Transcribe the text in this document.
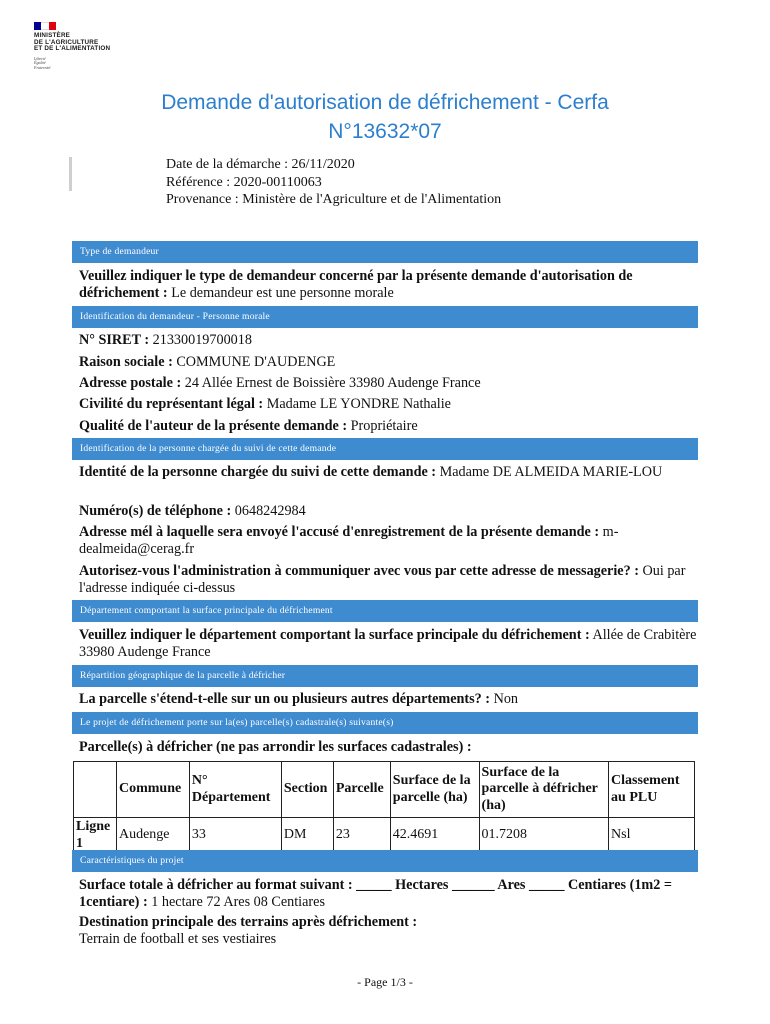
MINISTÈRE
DE L'AGRICULTURE
ET DE L'ALIMENTATION
Liberté
Égalité
Fraternité
Demande d'autorisation de défrichement - Cerfa
N°13632*07
Date de la démarche : 26/11/2020
Référence : 2020-00110063
Provenance : Ministère de l'Agriculture et de l'Alimentation
Type de demandeur
Veuillez indiquer le type de demandeur concerné par la présente demande d'autorisation de défrichement : Le demandeur est une personne morale
Identification du demandeur - Personne morale
N° SIRET : 21330019700018
Raison sociale : COMMUNE D'AUDENGE
Adresse postale : 24 Allée Ernest de Boissière 33980 Audenge France
Civilité du représentant légal : Madame LE YONDRE Nathalie
Qualité de l'auteur de la présente demande : Propriétaire
Identification de la personne chargée du suivi de cette demande
Identité de la personne chargée du suivi de cette demande : Madame DE ALMEIDA MARIE-LOU
Numéro(s) de téléphone : 0648242984
Adresse mél à laquelle sera envoyé l'accusé d'enregistrement de la présente demande : m-dealmeida@cerag.fr
Autorisez-vous l'administration à communiquer avec vous par cette adresse de messagerie? : Oui par l'adresse indiquée ci-dessus
Département comportant la surface principale du défrichement
Veuillez indiquer le département comportant la surface principale du défrichement : Allée de Crabitère 33980 Audenge France
Répartition géographique de la parcelle à défricher
La parcelle s'étend-t-elle sur un ou plusieurs autres départements? : Non
Le projet de défrichement porte sur la(es) parcelle(s) cadastrale(s) suivante(s)
Parcelle(s) à défricher (ne pas arrondir les surfaces cadastrales) :
	Commune	N° Département	Section	Parcelle	Surface de la parcelle (ha)	Surface de la parcelle à défricher (ha)	Classement au PLU
Ligne 1	Audenge	33	DM	23	42.4691	01.7208	Nsl
Caractéristiques du projet
Surface totale à défricher au format suivant : _____ Hectares ______ Ares _____ Centiares (1m2 = 1centiare) : 1 hectare 72 Ares 08 Centiares
Destination principale des terrains après défrichement :
Terrain de football et ses vestiaires
- Page 1/3 -
